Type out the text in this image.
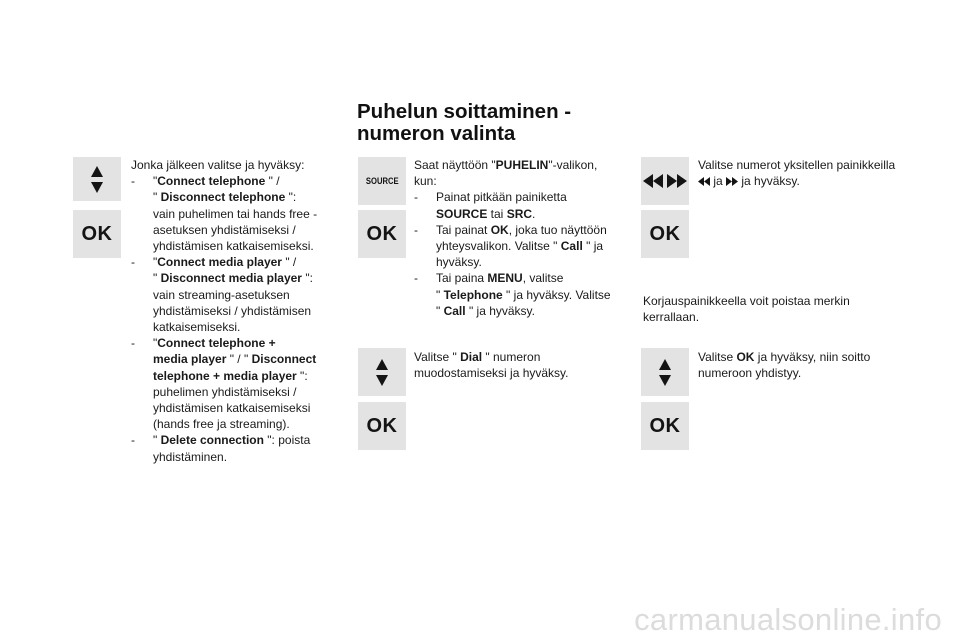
Puhelun soittaminen -
numeron valinta
OK
Jonka jälkeen valitse ja hyväksy:
-	"Connect telephone " /
" Disconnect telephone ":
vain puhelimen tai hands free -
asetuksen yhdistämiseksi /
yhdistämisen katkaisemiseksi.
-	"Connect media player " /
" Disconnect media player ":
vain streaming-asetuksen
yhdistämiseksi / yhdistämisen
katkaisemiseksi.
-	"Connect telephone +
media player " / " Disconnect
telephone + media player ":
puhelimen yhdistämiseksi /
yhdistämisen katkaisemiseksi
(hands free ja streaming).
-	" Delete connection ": poista
yhdistäminen.
SOURCE
OK
OK
Saat näyttöön "PUHELIN"-valikon,
kun:
-	Painat pitkään painiketta
SOURCE tai SRC.
-	Tai painat OK, joka tuo näyttöön
yhteysvalikon. Valitse " Call " ja
hyväksy.
-	Tai paina MENU, valitse
" Telephone " ja hyväksy. Valitse
" Call " ja hyväksy.
Valitse " Dial " numeron
muodostamiseksi ja hyväksy.
OK
OK
Valitse numerot yksitellen painikkeilla
ja ja hyväksy.
Korjauspainikkeella voit poistaa merkin
kerrallaan.
Valitse OK ja hyväksy, niin soitto
numeroon yhdistyy.
carmanualsonline.info
